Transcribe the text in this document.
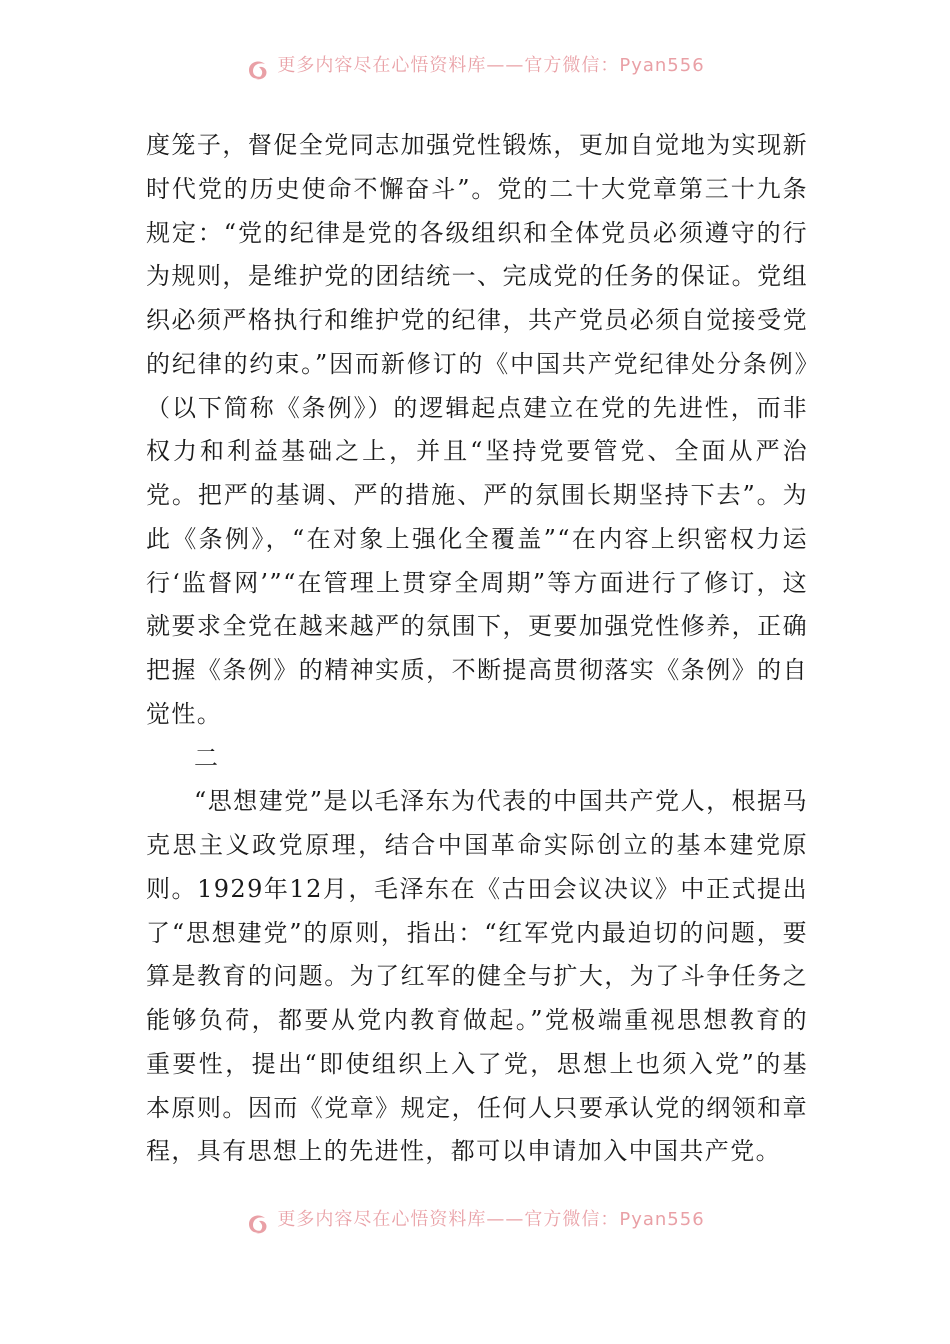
更多内容尽在心悟资料库——官方微信：Pyan556

度笼子，督促全党同志加强党性锻炼，更加自觉地为实现新时代党的历史使命不懈奋斗”。党的二十大党章第三十九条规定：“党的纪律是党的各级组织和全体党员必须遵守的行为规则，是维护党的团结统一、完成党的任务的保证。党组织必须严格执行和维护党的纪律，共产党员必须自觉接受党的纪律的约束。”因而新修订的《中国共产党纪律处分条例》（以下简称《条例》）的逻辑起点建立在党的先进性，而非权力和利益基础之上，并且“坚持党要管党、全面从严治党。把严的基调、严的措施、严的氛围长期坚持下去”。为此《条例》，“在对象上强化全覆盖”“在内容上织密权力运行‘监督网’”“在管理上贯穿全周期”等方面进行了修订，这就要求全党在越来越严的氛围下，更要加强党性修养，正确把握《条例》的精神实质，不断提高贯彻落实《条例》的自觉性。

二

“思想建党”是以毛泽东为代表的中国共产党人，根据马克思主义政党原理，结合中国革命实际创立的基本建党原则。1929年12月，毛泽东在《古田会议决议》中正式提出了“思想建党”的原则，指出：“红军党内最迫切的问题，要算是教育的问题。为了红军的健全与扩大，为了斗争任务之能够负荷，都要从党内教育做起。”党极端重视思想教育的重要性，提出“即使组织上入了党，思想上也须入党”的基本原则。因而《党章》规定，任何人只要承认党的纲领和章程，具有思想上的先进性，都可以申请加入中国共产党。

更多内容尽在心悟资料库——官方微信：Pyan556
